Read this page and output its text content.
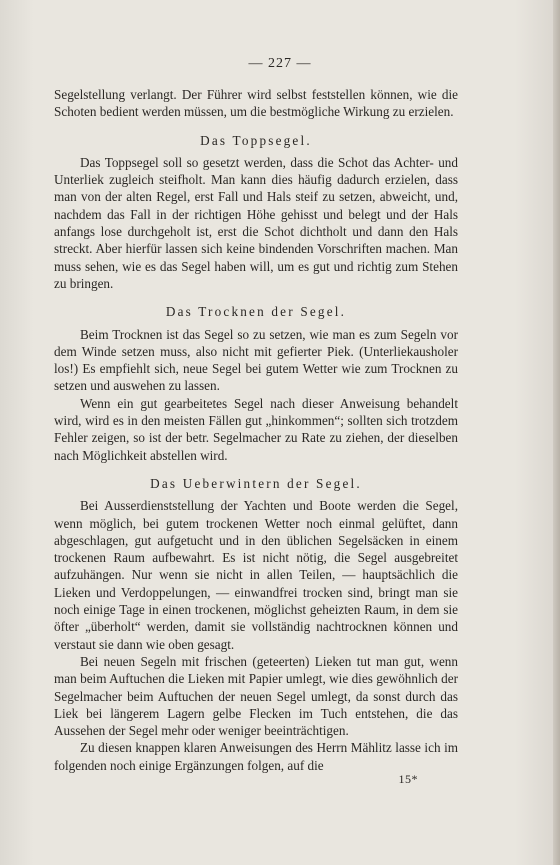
— 227 —

Segelstellung verlangt. Der Führer wird selbst feststellen können, wie die Schoten bedient werden müssen, um die bestmögliche Wirkung zu erzielen.

Das Toppsegel.

Das Toppsegel soll so gesetzt werden, dass die Schot das Achter- und Unterliek zugleich steifholt. Man kann dies häufig dadurch erzielen, dass man von der alten Regel, erst Fall und Hals steif zu setzen, abweicht, und, nachdem das Fall in der richtigen Höhe gehisst und belegt und der Hals anfangs lose durchgeholt ist, erst die Schot dichtholt und dann den Hals streckt. Aber hierfür lassen sich keine bindenden Vorschriften machen. Man muss sehen, wie es das Segel haben will, um es gut und richtig zum Stehen zu bringen.

Das Trocknen der Segel.

Beim Trocknen ist das Segel so zu setzen, wie man es zum Segeln vor dem Winde setzen muss, also nicht mit gefierter Piek. (Unterliekausholer los!) Es empfiehlt sich, neue Segel bei gutem Wetter wie zum Trocknen zu setzen und auswehen zu lassen.

Wenn ein gut gearbeitetes Segel nach dieser Anweisung behandelt wird, wird es in den meisten Fällen gut „hinkommen“; sollten sich trotzdem Fehler zeigen, so ist der betr. Segelmacher zu Rate zu ziehen, der dieselben nach Möglichkeit abstellen wird.

Das Ueberwintern der Segel.

Bei Ausserdienststellung der Yachten und Boote werden die Segel, wenn möglich, bei gutem trockenen Wetter noch einmal gelüftet, dann abgeschlagen, gut aufgetucht und in den üblichen Segelsäcken in einem trockenen Raum aufbewahrt. Es ist nicht nötig, die Segel ausgebreitet aufzuhängen. Nur wenn sie nicht in allen Teilen, — hauptsächlich die Lieken und Verdoppelungen, — einwandfrei trocken sind, bringt man sie noch einige Tage in einen trockenen, möglichst geheizten Raum, in dem sie öfter „überholt“ werden, damit sie vollständig nachtrocknen können und verstaut sie dann wie oben gesagt.

Bei neuen Segeln mit frischen (geteerten) Lieken tut man gut, wenn man beim Auftuchen die Lieken mit Papier umlegt, wie dies gewöhnlich der Segelmacher beim Auftuchen der neuen Segel umlegt, da sonst durch das Liek bei längerem Lagern gelbe Flecken im Tuch entstehen, die das Aussehen der Segel mehr oder weniger beeinträchtigen.

Zu diesen knappen klaren Anweisungen des Herrn Mählitz lasse ich im folgenden noch einige Ergänzungen folgen, auf die

15*
